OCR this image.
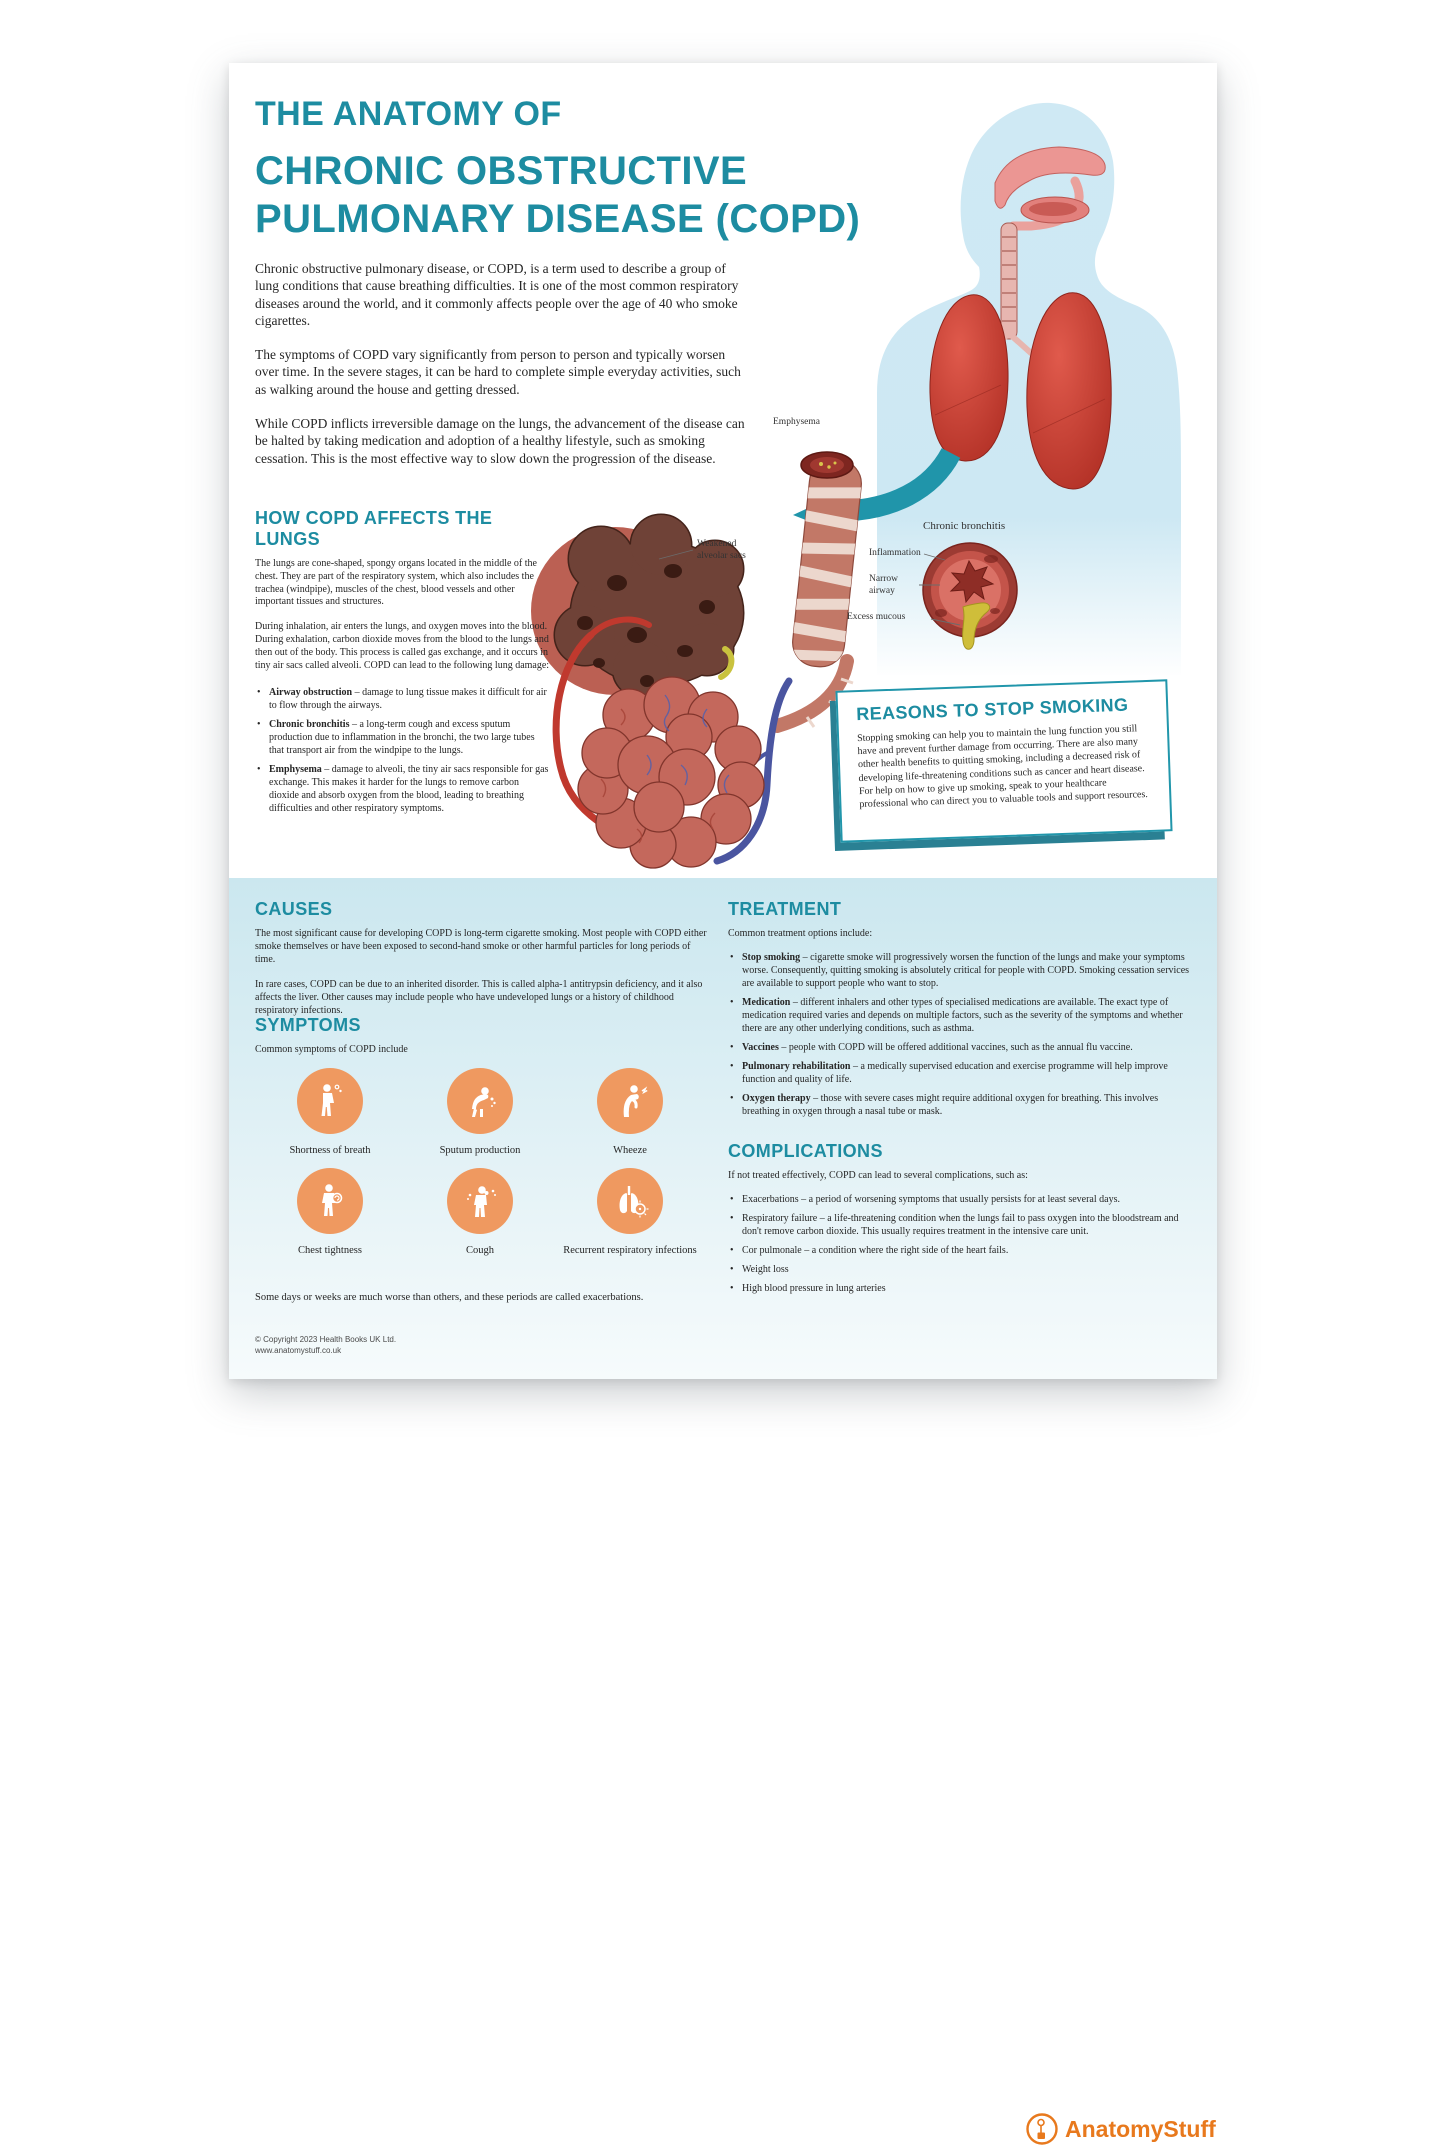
THE ANATOMY OF
CHRONIC OBSTRUCTIVE
PULMONARY DISEASE (COPD)

Chronic obstructive pulmonary disease, or COPD, is a term used to describe a group of lung conditions that cause breathing difficulties. It is one of the most common respiratory diseases around the world, and it commonly affects people over the age of 40 who smoke cigarettes.

The symptoms of COPD vary significantly from person to person and typically worsen over time. In the severe stages, it can be hard to complete simple everyday activities, such as walking around the house and getting dressed.

While COPD inflicts irreversible damage on the lungs, the advancement of the disease can be halted by taking medication and adoption of a healthy lifestyle, such as smoking cessation. This is the most effective way to slow down the progression of the disease.

HOW COPD AFFECTS THE LUNGS

The lungs are cone-shaped, spongy organs located in the middle of the chest. They are part of the respiratory system, which also includes the trachea (windpipe), muscles of the chest, blood vessels and other important tissues and structures.

During inhalation, air enters the lungs, and oxygen moves into the blood. During exhalation, carbon dioxide moves from the blood to the lungs and then out of the body. This process is called gas exchange, and it occurs in tiny air sacs called alveoli. COPD can lead to the following lung damage:

• Airway obstruction – damage to lung tissue makes it difficult for air to flow through the airways.
• Chronic bronchitis – a long-term cough and excess sputum production due to inflammation in the bronchi, the two large tubes that transport air from the windpipe to the lungs.
• Emphysema – damage to alveoli, the tiny air sacs responsible for gas exchange. This makes it harder for the lungs to remove carbon dioxide and absorb oxygen from the blood, leading to breathing difficulties and other respiratory symptoms.
Emphysema
Weakened alveolar sacs
Chronic bronchitis
Inflammation
Narrow airway
Excess mucous
REASONS TO STOP SMOKING

Stopping smoking can help you to maintain the lung function you still have and prevent further damage from occurring. There are also many other health benefits to quitting smoking, including a decreased risk of developing life-threatening conditions such as cancer and heart disease. For help on how to give up smoking, speak to your healthcare professional who can direct you to valuable tools and support resources.

CAUSES

The most significant cause for developing COPD is long-term cigarette smoking. Most people with COPD either smoke themselves or have been exposed to second-hand smoke or other harmful particles for long periods of time.

In rare cases, COPD can be due to an inherited disorder. This is called alpha-1 antitrypsin deficiency, and it also affects the liver. Other causes may include people who have undeveloped lungs or a history of childhood respiratory infections.

SYMPTOMS

Common symptoms of COPD include

Shortness of breath	Sputum production	Wheeze
Chest tightness	Cough	Recurrent respiratory infections

Some days or weeks are much worse than others, and these periods are called exacerbations.

© Copyright 2023 Health Books UK Ltd.
www.anatomystuff.co.uk
TREATMENT

Common treatment options include:

• Stop smoking – cigarette smoke will progressively worsen the function of the lungs and make your symptoms worse. Consequently, quitting smoking is absolutely critical for people with COPD. Smoking cessation services are available to support people who want to stop.
• Medication – different inhalers and other types of specialised medications are available. The exact type of medication required varies and depends on multiple factors, such as the severity of the symptoms and whether there are any other underlying conditions, such as asthma.
• Vaccines – people with COPD will be offered additional vaccines, such as the annual flu vaccine.
• Pulmonary rehabilitation – a medically supervised education and exercise programme will help improve function and quality of life.
• Oxygen therapy – those with severe cases might require additional oxygen for breathing. This involves breathing in oxygen through a nasal tube or mask.
COMPLICATIONS

If not treated effectively, COPD can lead to several complications, such as:

• Exacerbations – a period of worsening symptoms that usually persists for at least several days.
• Respiratory failure – a life-threatening condition when the lungs fail to pass oxygen into the bloodstream and don't remove carbon dioxide. This usually requires treatment in the intensive care unit.
• Cor pulmonale – a condition where the right side of the heart fails.
• Weight loss
• High blood pressure in lung arteries
AnatomyStuff
